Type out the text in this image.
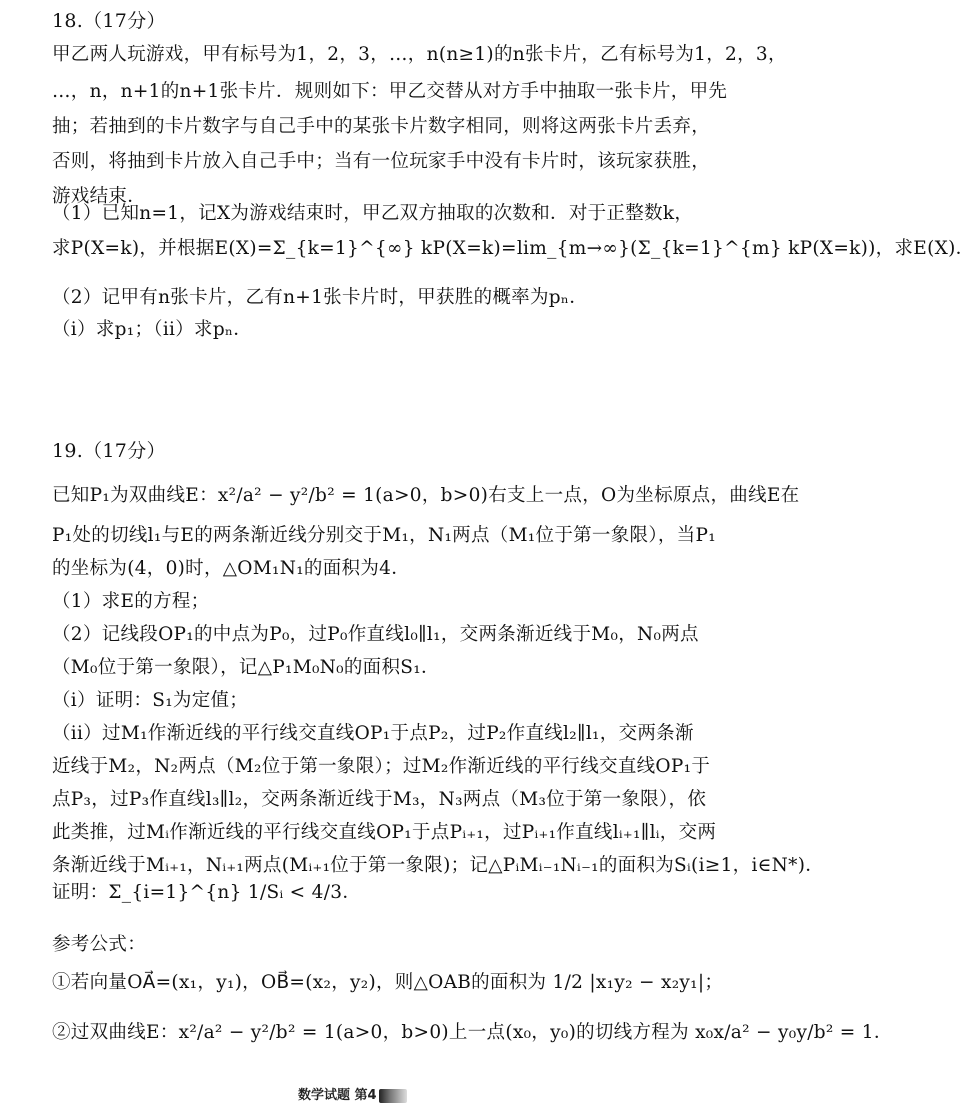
18.（17分）
甲乙两人玩游戏，甲有标号为1，2，3，…，n(n≥1)的n张卡片，乙有标号为1，2，3，
…，n，n+1的n+1张卡片．规则如下：甲乙交替从对方手中抽取一张卡片，甲先
抽；若抽到的卡片数字与自己手中的某张卡片数字相同，则将这两张卡片丢弃，
否则，将抽到卡片放入自己手中；当有一位玩家手中没有卡片时，该玩家获胜，
游戏结束．
（1）已知n=1，记X为游戏结束时，甲乙双方抽取的次数和．对于正整数k，
求P(X=k)，并根据E(X)=Σ_{k=1}^{∞} kP(X=k)=lim_{m→∞}(Σ_{k=1}^{m} kP(X=k))，求E(X)．
（2）记甲有n张卡片，乙有n+1张卡片时，甲获胜的概率为pₙ．
（i）求p₁；（ii）求pₙ．
19.（17分）
已知P₁为双曲线E：x²/a² − y²/b² = 1(a>0，b>0)右支上一点，O为坐标原点，曲线E在
P₁处的切线l₁与E的两条渐近线分别交于M₁，N₁两点（M₁位于第一象限），当P₁
的坐标为(4，0)时，△OM₁N₁的面积为4．
（1）求E的方程；
（2）记线段OP₁的中点为P₀，过P₀作直线l₀∥l₁，交两条渐近线于M₀，N₀两点
（M₀位于第一象限），记△P₁M₀N₀的面积S₁．
（i）证明：S₁为定值；
（ii）过M₁作渐近线的平行线交直线OP₁于点P₂，过P₂作直线l₂∥l₁，交两条渐
近线于M₂，N₂两点（M₂位于第一象限）；过M₂作渐近线的平行线交直线OP₁于
点P₃，过P₃作直线l₃∥l₂，交两条渐近线于M₃，N₃两点（M₃位于第一象限），依
此类推，过Mᵢ作渐近线的平行线交直线OP₁于点Pᵢ₊₁，过Pᵢ₊₁作直线lᵢ₊₁∥lᵢ，交两
条渐近线于Mᵢ₊₁，Nᵢ₊₁两点(Mᵢ₊₁位于第一象限)；记△PᵢMᵢ₋₁Nᵢ₋₁的面积为Sᵢ(i≥1，i∈N*)．
证明：Σ_{i=1}^{n} 1/Sᵢ < 4/3．
参考公式：
①若向量OA⃗=(x₁，y₁)，OB⃗=(x₂，y₂)，则△OAB的面积为 1/2 |x₁y₂ − x₂y₁|；
②过双曲线E：x²/a² − y²/b² = 1(a>0，b>0)上一点(x₀，y₀)的切线方程为 x₀x/a² − y₀y/b² = 1．
数学试题 第4
